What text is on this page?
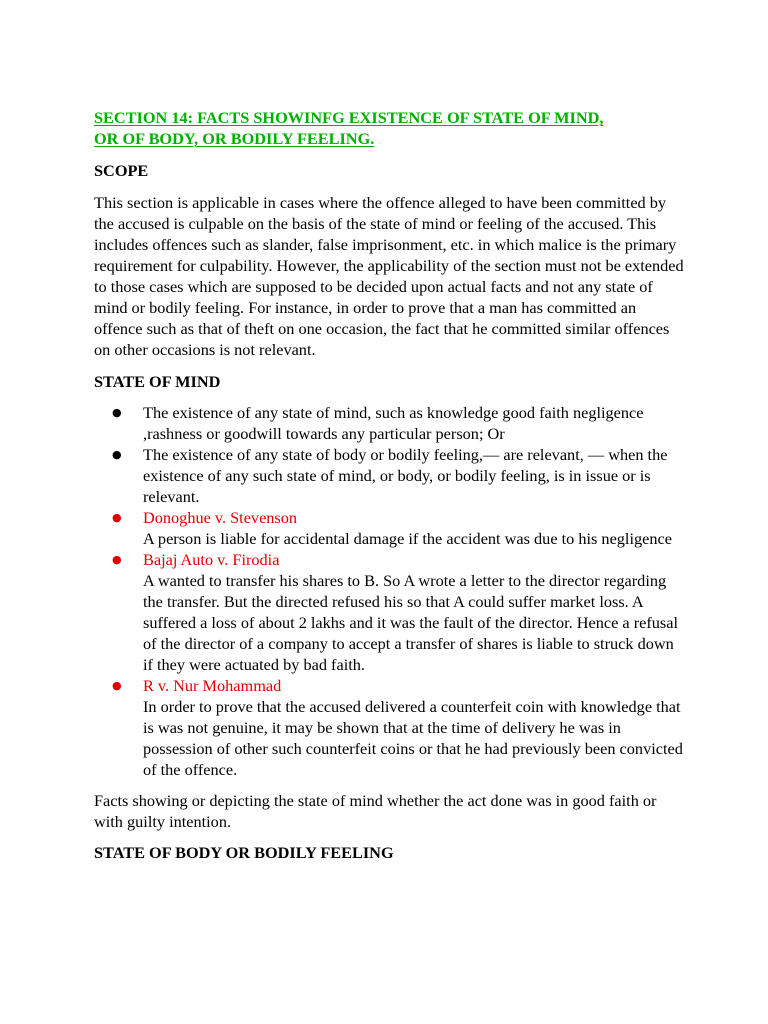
SECTION 14: FACTS SHOWINFG EXISTENCE OF STATE OF MIND,
OR OF BODY, OR BODILY FEELING.
SCOPE

This section is applicable in cases where the offence alleged to have been committed by the accused is culpable on the basis of the state of mind or feeling of the accused. This includes offences such as slander, false imprisonment, etc. in which malice is the primary requirement for culpability. However, the applicability of the section must not be extended to those cases which are supposed to be decided upon actual facts and not any state of mind or bodily feeling. For instance, in order to prove that a man has committed an offence such as that of theft on one occasion, the fact that he committed similar offences on other occasions is not relevant.

STATE OF MIND
● The existence of any state of mind, such as knowledge good faith negligence ,rashness or goodwill towards any particular person; Or
● The existence of any state of body or bodily feeling,— are relevant, — when the existence of any such state of mind, or body, or bodily feeling, is in issue or is relevant.
● Donoghue v. Stevenson
A person is liable for accidental damage if the accident was due to his negligence
● Bajaj Auto v. Firodia
A wanted to transfer his shares to B. So A wrote a letter to the director regarding the transfer. But the directed refused his so that A could suffer market loss. A suffered a loss of about 2 lakhs and it was the fault of the director. Hence a refusal of the director of a company to accept a transfer of shares is liable to struck down if they were actuated by bad faith.
● R v. Nur Mohammad
In order to prove that the accused delivered a counterfeit coin with knowledge that is was not genuine, it may be shown that at the time of delivery he was in possession of other such counterfeit coins or that he had previously been convicted of the offence.

Facts showing or depicting the state of mind whether the act done was in good faith or with guilty intention.

STATE OF BODY OR BODILY FEELING
